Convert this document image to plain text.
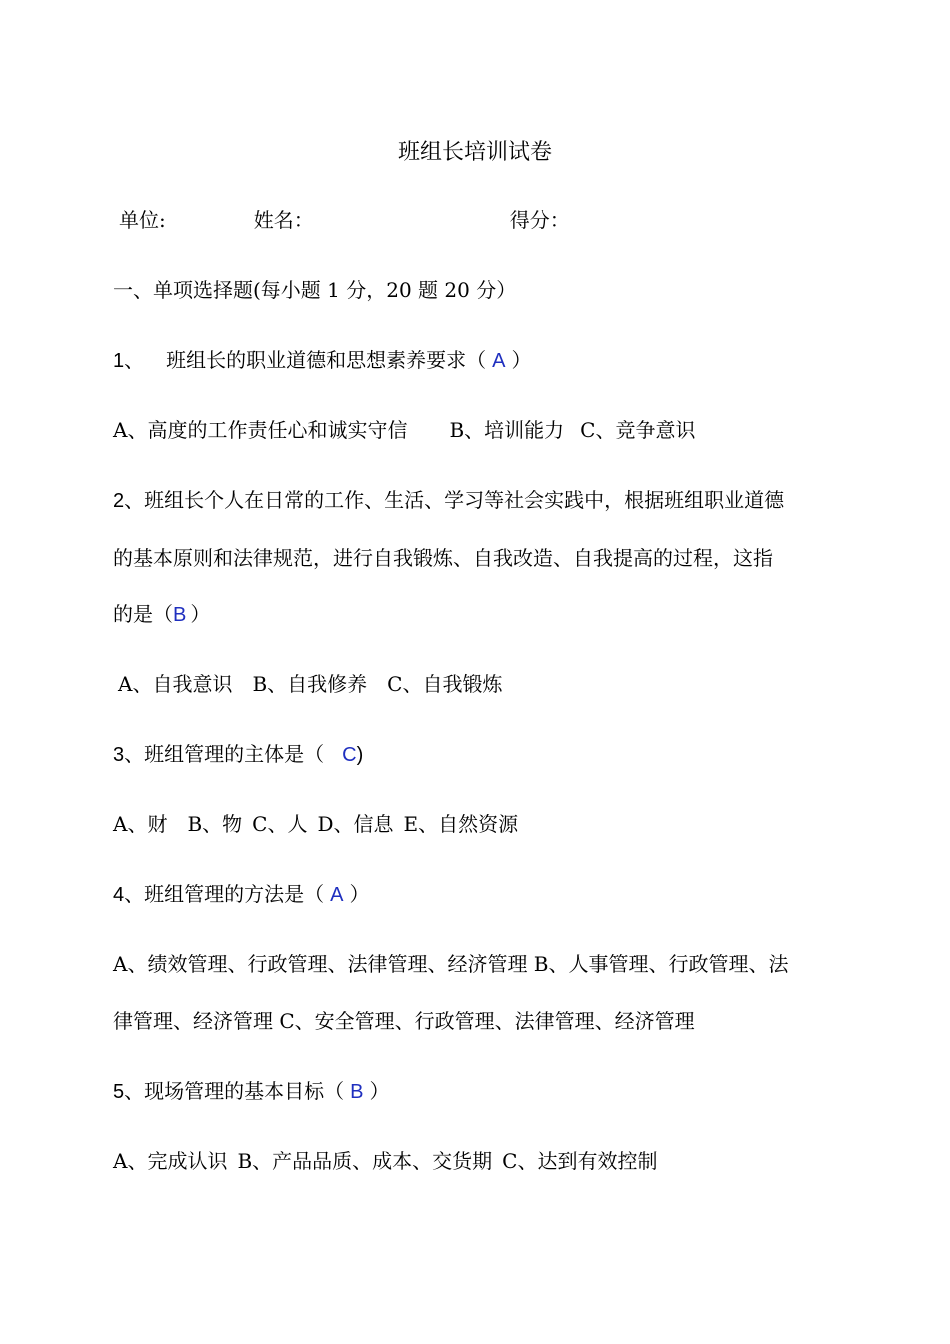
班组长培训试卷
单位:	姓名：	得分：
一、单项选择题(每小题 1 分，20 题 20 分）
1、 班组长的职业道德和思想素养要求（ A ）
A、高度的工作责任心和诚实守信 B、培训能力 C、竞争意识
2、班组长个人在日常的工作、生活、学习等社会实践中，根据班组职业道德
的基本原则和法律规范，进行自我锻炼、自我改造、自我提高的过程，这指
的是（B ）
A、自我意识 B、自我修养 C、自我锻炼
3、班组管理的主体是（ C)
A、财 B、物 C、人 D、信息 E、自然资源
4、班组管理的方法是（ A ）
A、绩效管理、行政管理、法律管理、经济管理 B、人事管理、行政管理、法
律管理、经济管理 C、安全管理、行政管理、法律管理、经济管理
5、现场管理的基本目标（ B ）
A、完成认识 B、产品品质、成本、交货期 C、达到有效控制
